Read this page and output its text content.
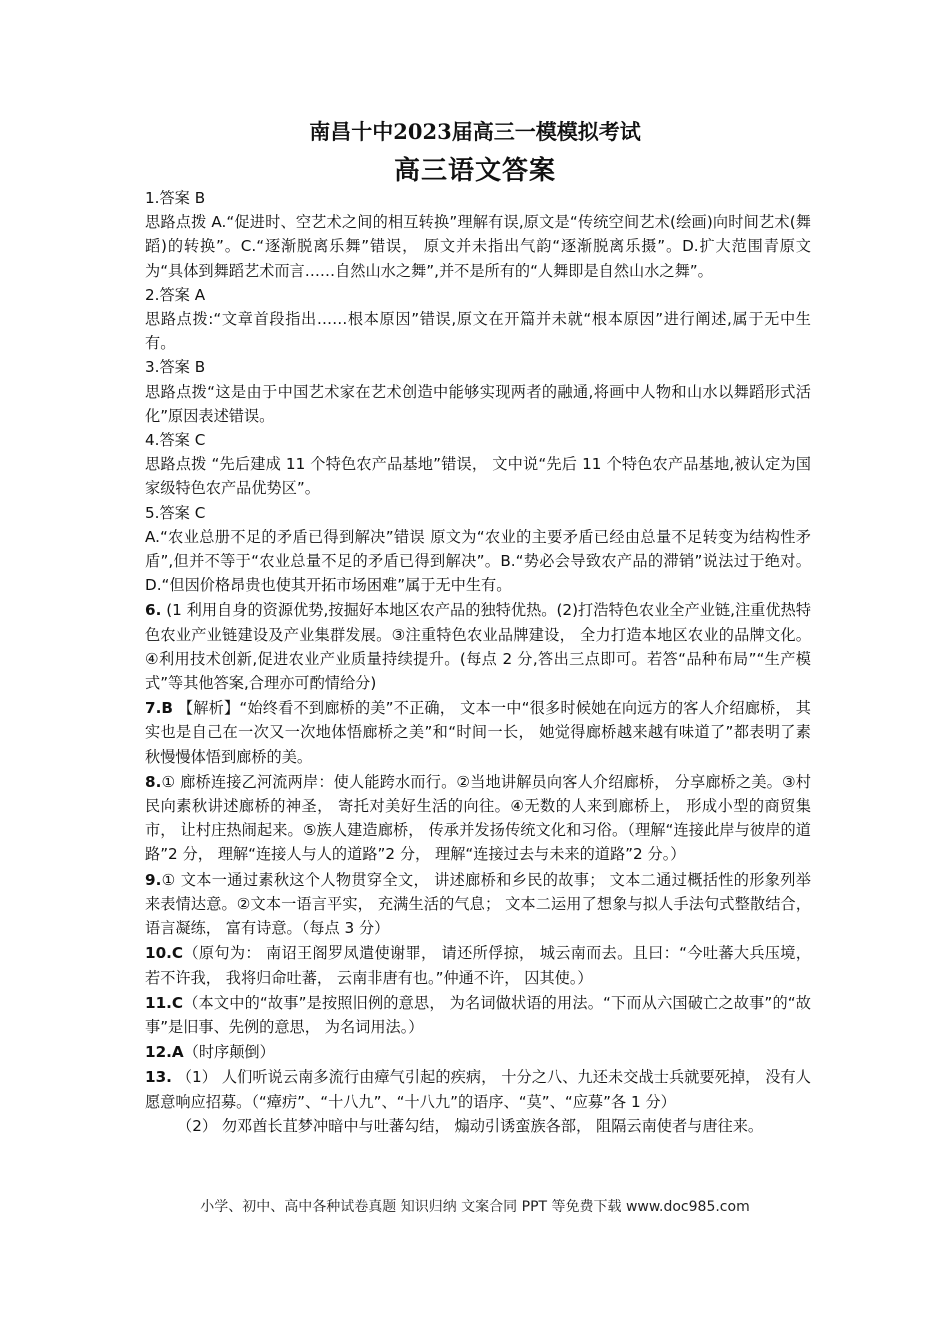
南昌十中2023届高三一模模拟考试
高三语文答案

1.答案 B

思路点拨 A.“促进时、空艺术之间的相互转换”理解有误,原文是“传统空间艺术(绘画)向时间艺术(舞蹈)的转换”。C.“逐渐脱离乐舞”错误， 原文并未指出气韵“逐渐脱离乐摄”。D.扩大范围青原文为“具体到舞蹈艺术而言……自然山水之舞”,并不是所有的“人舞即是自然山水之舞”。

2.答案 A

思路点拨:“文章首段指出……根本原因”错误,原文在开篇并未就“根本原因”进行阐述,属于无中生有。

3.答案 B

思路点拨“这是由于中国艺术家在艺术创造中能够实现两者的融通,将画中人物和山水以舞蹈形式活化”原因表述错误。

4.答案 C

思路点拨 “先后建成 11 个特色农产品基地”错误， 文中说“先后 11 个特色农产品基地,被认定为国家级特色农产品优势区”。

5.答案 C

A.“农业总册不足的矛盾已得到解决”错误 原文为“农业的主要矛盾已经由总量不足转变为结构性矛盾”,但并不等于“农业总量不足的矛盾已得到解决”。B.“势必会导致农产品的滞销”说法过于绝对。D.“但因价格昂贵也使其开拓市场困难”属于无中生有。

6. (1 利用自身的资源优势,按掘好本地区农产品的独特优热。(2)打浩特色农业全产业链,注重优热特色农业产业链建设及产业集群发展。③注重特色农业品牌建设， 全力打造本地区农业的品牌文化。④利用技术创新,促进农业产业质量持续提升。(每点 2 分,答出三点即可。若答“品种布局”“生产模式”等其他答案,合理亦可酌情给分)

7.B 【解析】“始终看不到廊桥的美”不正确， 文本一中“很多时候她在向远方的客人介绍廊桥， 其实也是自己在一次又一次地体悟廊桥之美”和“时间一长， 她觉得廊桥越来越有味道了”都表明了素秋慢慢体悟到廊桥的美。

8.① 廊桥连接乙河流两岸：使人能跨水而行。②当地讲解员向客人介绍廊桥， 分享廊桥之美。③村民向素秋讲述廊桥的神圣， 寄托对美好生活的向往。④无数的人来到廊桥上， 形成小型的商贸集市， 让村庄热闹起来。⑤族人建造廊桥， 传承并发扬传统文化和习俗。（理解“连接此岸与彼岸的道路”2 分， 理解“连接人与人的道路”2 分， 理解“连接过去与未来的道路”2 分。）

9.① 文本一通过素秋这个人物贯穿全文， 讲述廊桥和乡民的故事； 文本二通过概括性的形象列举来表情达意。②文本一语言平实， 充满生活的气息； 文本二运用了想象与拟人手法句式整散结合， 语言凝练， 富有诗意。（每点 3 分）

10.C（原句为： 南诏王阁罗凤遣使谢罪， 请还所俘掠， 城云南而去。且曰：“今吐蕃大兵压境， 若不许我， 我将归命吐蕃， 云南非唐有也。”仲通不许， 囚其使。）

11.C（本文中的“故事”是按照旧例的意思， 为名词做状语的用法。“下而从六国破亡之故事”的“故事”是旧事、先例的意思， 为名词用法。）

12.A（时序颠倒）

13. （1） 人们听说云南多流行由瘴气引起的疾病， 十分之八、九还未交战士兵就要死掉， 没有人愿意响应招募。（“瘴疠”、“十八九”、“十八九”的语序、“莫”、“应募”各 1 分）

（2） 勿邓酋长苴梦冲暗中与吐蕃勾结， 煽动引诱蛮族各部， 阻隔云南使者与唐往来。

小学、初中、高中各种试卷真题 知识归纳 文案合同 PPT 等免费下载 www.doc985.com
